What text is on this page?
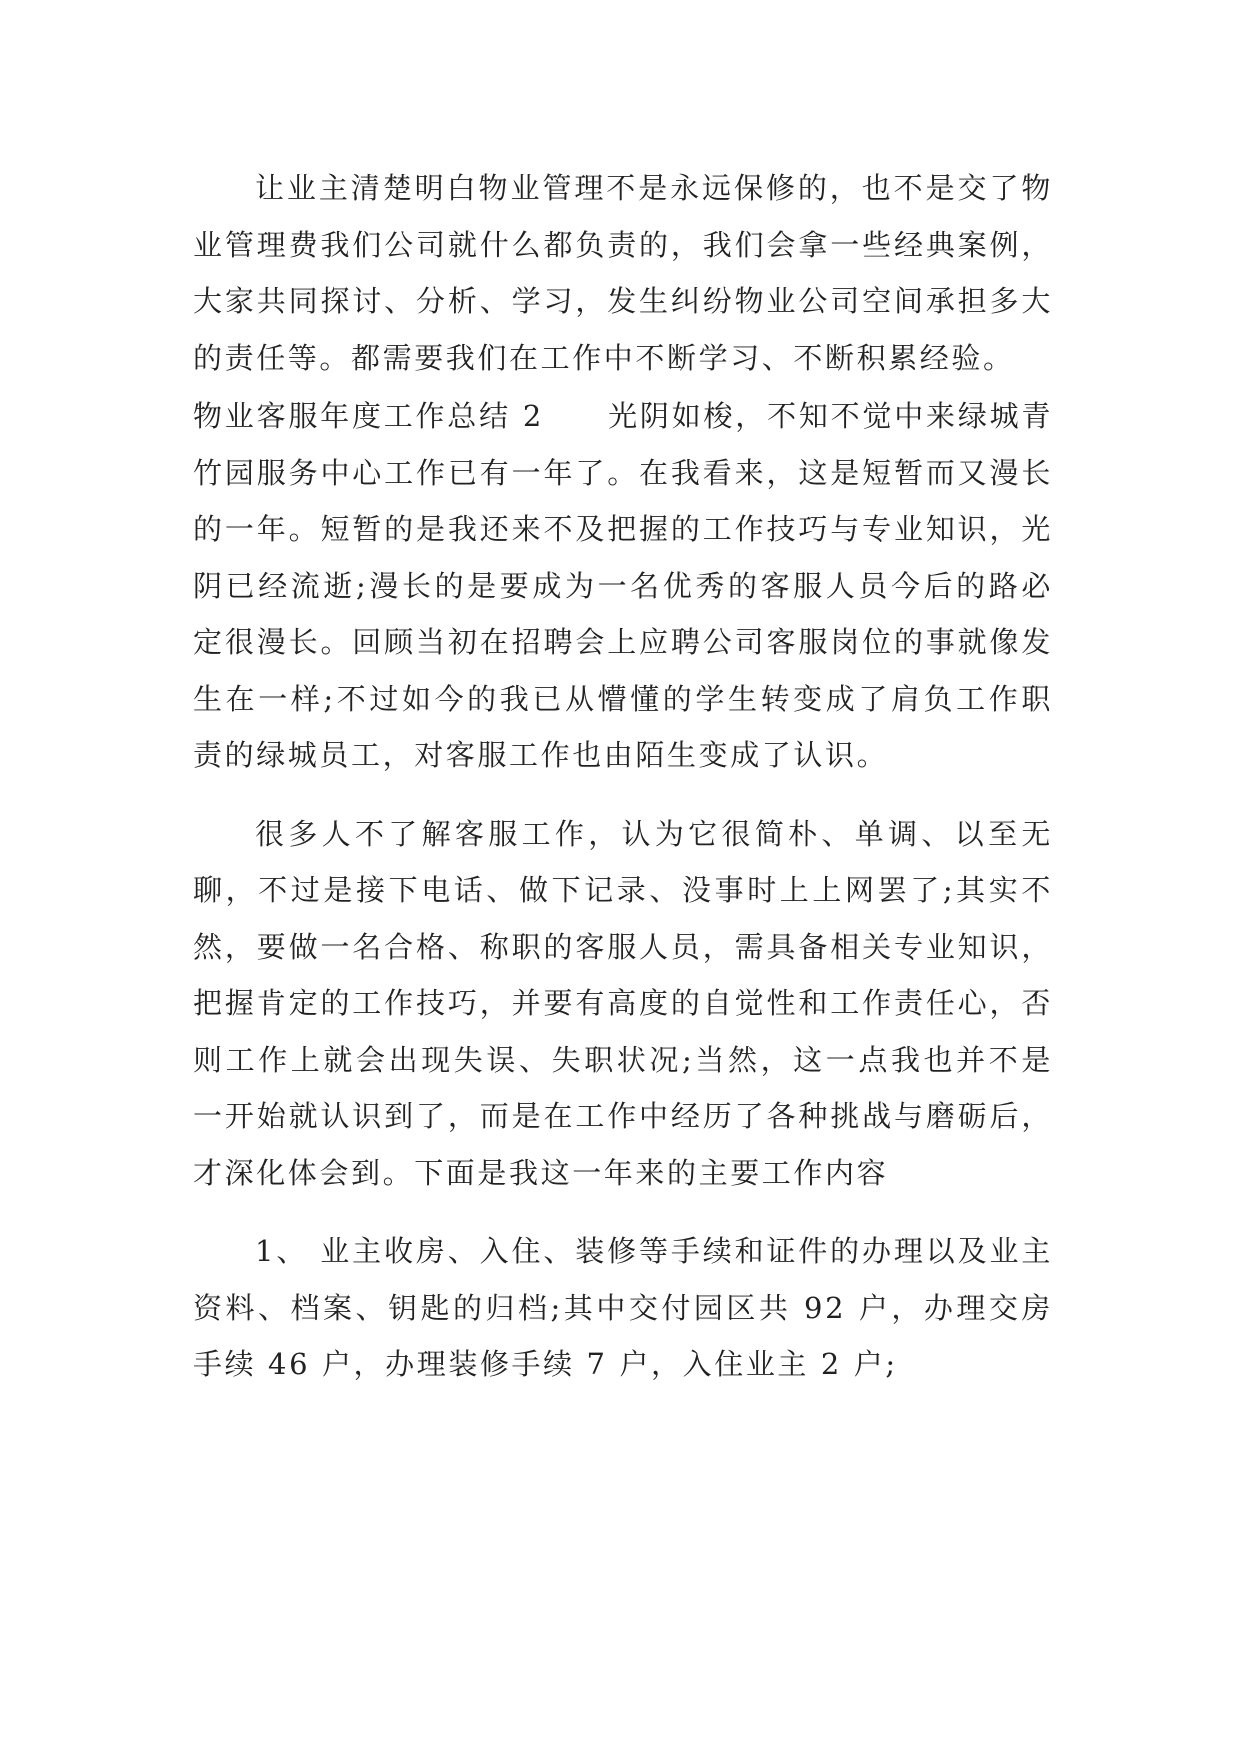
让业主清楚明白物业管理不是永远保修的，也不是交了物业管理费我们公司就什么都负责的，我们会拿一些经典案例，大家共同探讨、分析、学习，发生纠纷物业公司空间承担多大的责任等。都需要我们在工作中不断学习、不断积累经验。

物业客服年度工作总结 2 光阴如梭，不知不觉中来绿城青竹园服务中心工作已有一年了。在我看来，这是短暂而又漫长的一年。短暂的是我还来不及把握的工作技巧与专业知识，光阴已经流逝;漫长的是要成为一名优秀的客服人员今后的路必定很漫长。回顾当初在招聘会上应聘公司客服岗位的事就像发生在一样;不过如今的我已从懵懂的学生转变成了肩负工作职责的绿城员工，对客服工作也由陌生变成了认识。

很多人不了解客服工作，认为它很简朴、单调、以至无聊，不过是接下电话、做下记录、没事时上上网罢了;其实不然，要做一名合格、称职的客服人员，需具备相关专业知识，把握肯定的工作技巧，并要有高度的自觉性和工作责任心，否则工作上就会出现失误、失职状况;当然，这一点我也并不是一开始就认识到了，而是在工作中经历了各种挑战与磨砺后，才深化体会到。下面是我这一年来的主要工作内容

1、 业主收房、入住、装修等手续和证件的办理以及业主资料、档案、钥匙的归档;其中交付园区共 92 户，办理交房手续 46 户，办理装修手续 7 户，入住业主 2 户;
